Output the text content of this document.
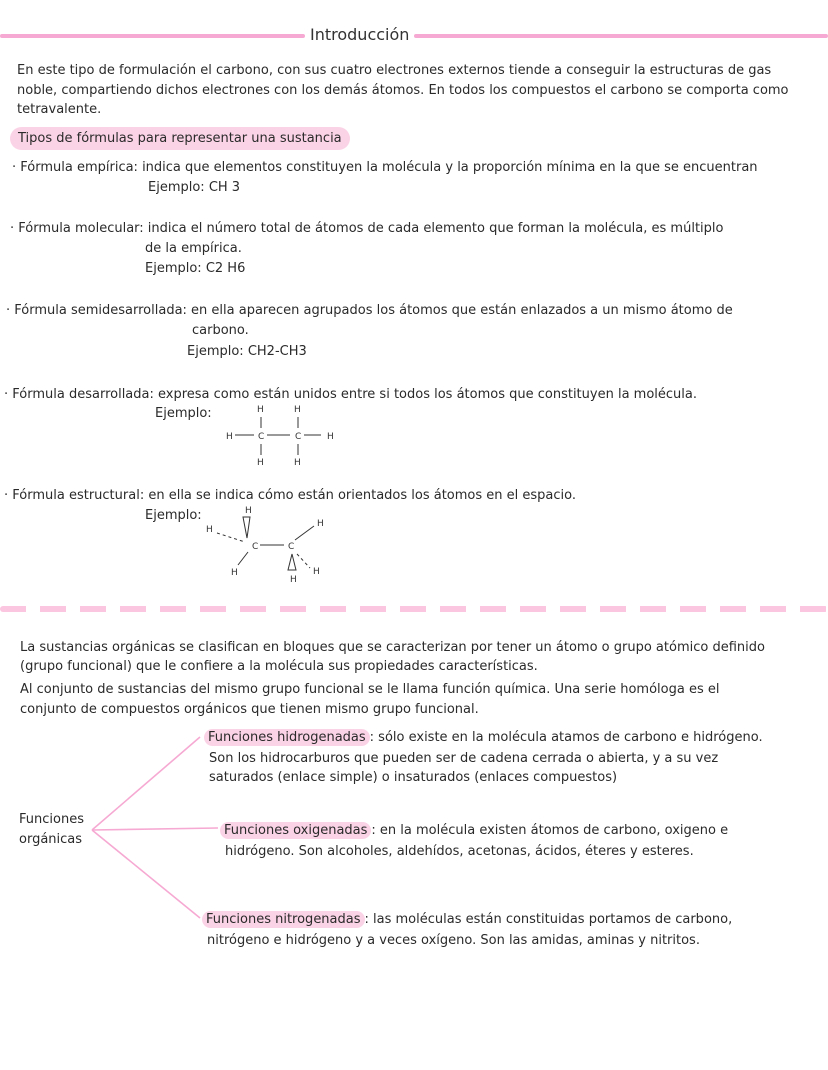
Introducción
En este tipo de formulación el carbono, con sus cuatro electrones externos tiende a conseguir la estructuras de gas
noble, compartiendo dichos electrones con los demás átomos. En todos los compuestos el carbono se comporta como
tetravalente.
Tipos de fórmulas para representar una sustancia
· Fórmula empírica: indica que elementos constituyen la molécula y la proporción mínima en la que se encuentran
Ejemplo: CH 3
· Fórmula molecular: indica el número total de átomos de cada elemento que forman la molécula, es múltiplo
de la empírica.
Ejemplo: C2 H6
· Fórmula semidesarrollada: en ella aparecen agrupados los átomos que están enlazados a un mismo átomo de
carbono.
Ejemplo: CH2-CH3
· Fórmula desarrollada: expresa como están unidos entre si todos los átomos que constituyen la molécula.
Ejemplo:	H	H
H	C	C	H
H	H
· Fórmula estructural: en ella se indica cómo están orientados los átomos en el espacio.
Ejemplo:	H
H
H
C	C
H	H
H
La sustancias orgánicas se clasifican en bloques que se caracterizan por tener un átomo o grupo atómico definido
(grupo funcional) que le confiere a la molécula sus propiedades características.
Al conjunto de sustancias del mismo grupo funcional se le llama función química. Una serie homóloga es el
conjunto de compuestos orgánicos que tienen mismo grupo funcional.
Funciones
orgánicas
Funciones hidrogenadas : sólo existe en la molécula atamos de carbono e hidrógeno.
Son los hidrocarburos que pueden ser de cadena cerrada o abierta, y a su vez
saturados (enlace simple) o insaturados (enlaces compuestos)
Funciones oxigenadas : en la molécula existen átomos de carbono, oxigeno e
hidrógeno. Son alcoholes, aldehídos, acetonas, ácidos, éteres y esteres.
Funciones nitrogenadas : las moléculas están constituidas portamos de carbono,
nitrógeno e hidrógeno y a veces oxígeno. Son las amidas, aminas y nitritos.
